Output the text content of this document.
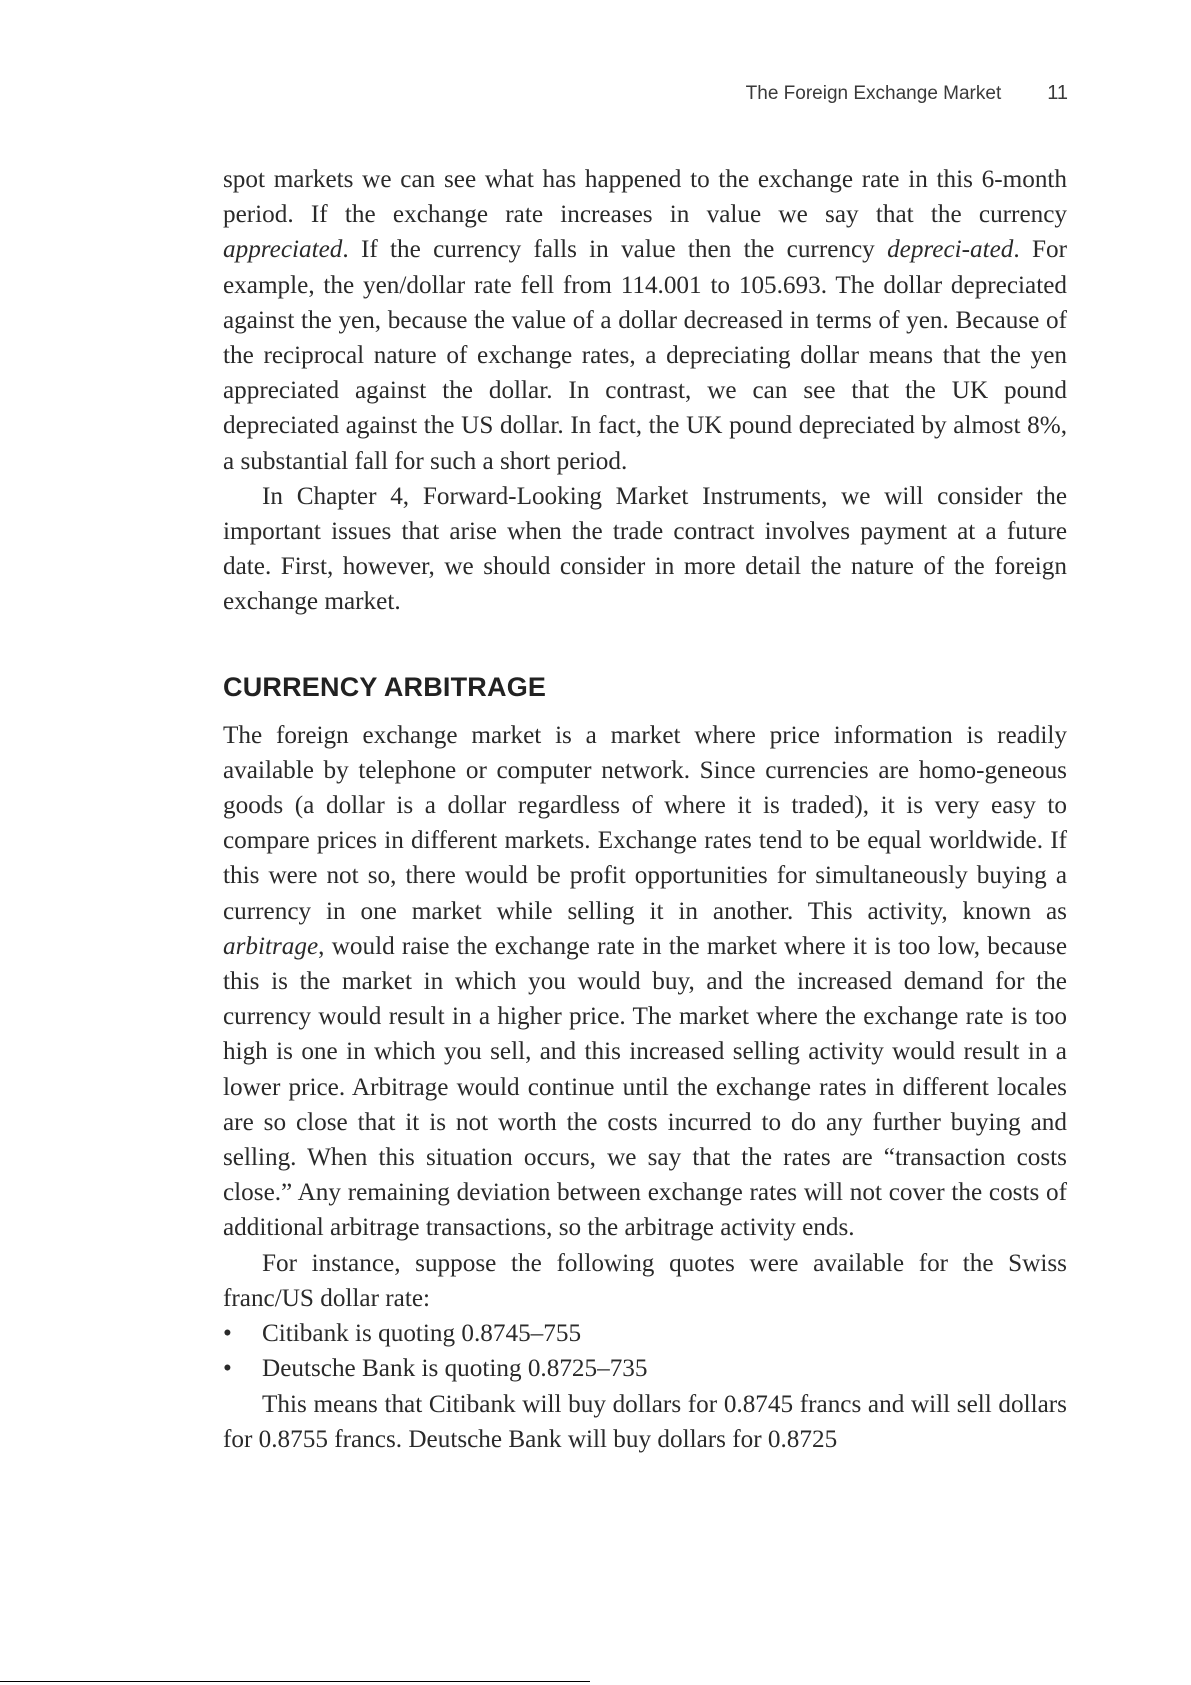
The Foreign Exchange Market 11

spot markets we can see what has happened to the exchange rate in this 6-month period. If the exchange rate increases in value we say that the currency appreciated. If the currency falls in value then the currency depreci-ated. For example, the yen/dollar rate fell from 114.001 to 105.693. The dollar depreciated against the yen, because the value of a dollar decreased in terms of yen. Because of the reciprocal nature of exchange rates, a depreciating dollar means that the yen appreciated against the dollar. In contrast, we can see that the UK pound depreciated against the US dollar. In fact, the UK pound depreciated by almost 8%, a substantial fall for such a short period.

In Chapter 4, Forward-Looking Market Instruments, we will consider the important issues that arise when the trade contract involves payment at a future date. First, however, we should consider in more detail the nature of the foreign exchange market.

CURRENCY ARBITRAGE

The foreign exchange market is a market where price information is readily available by telephone or computer network. Since currencies are homo-geneous goods (a dollar is a dollar regardless of where it is traded), it is very easy to compare prices in different markets. Exchange rates tend to be equal worldwide. If this were not so, there would be profit opportunities for simultaneously buying a currency in one market while selling it in another. This activity, known as arbitrage, would raise the exchange rate in the market where it is too low, because this is the market in which you would buy, and the increased demand for the currency would result in a higher price. The market where the exchange rate is too high is one in which you sell, and this increased selling activity would result in a lower price. Arbitrage would continue until the exchange rates in different locales are so close that it is not worth the costs incurred to do any further buying and selling. When this situation occurs, we say that the rates are “transaction costs close.” Any remaining deviation between exchange rates will not cover the costs of additional arbitrage transactions, so the arbitrage activity ends.

For instance, suppose the following quotes were available for the Swiss franc/US dollar rate:

• Citibank is quoting 0.8745–755
• Deutsche Bank is quoting 0.8725–735

This means that Citibank will buy dollars for 0.8745 francs and will sell dollars for 0.8755 francs. Deutsche Bank will buy dollars for 0.8725
